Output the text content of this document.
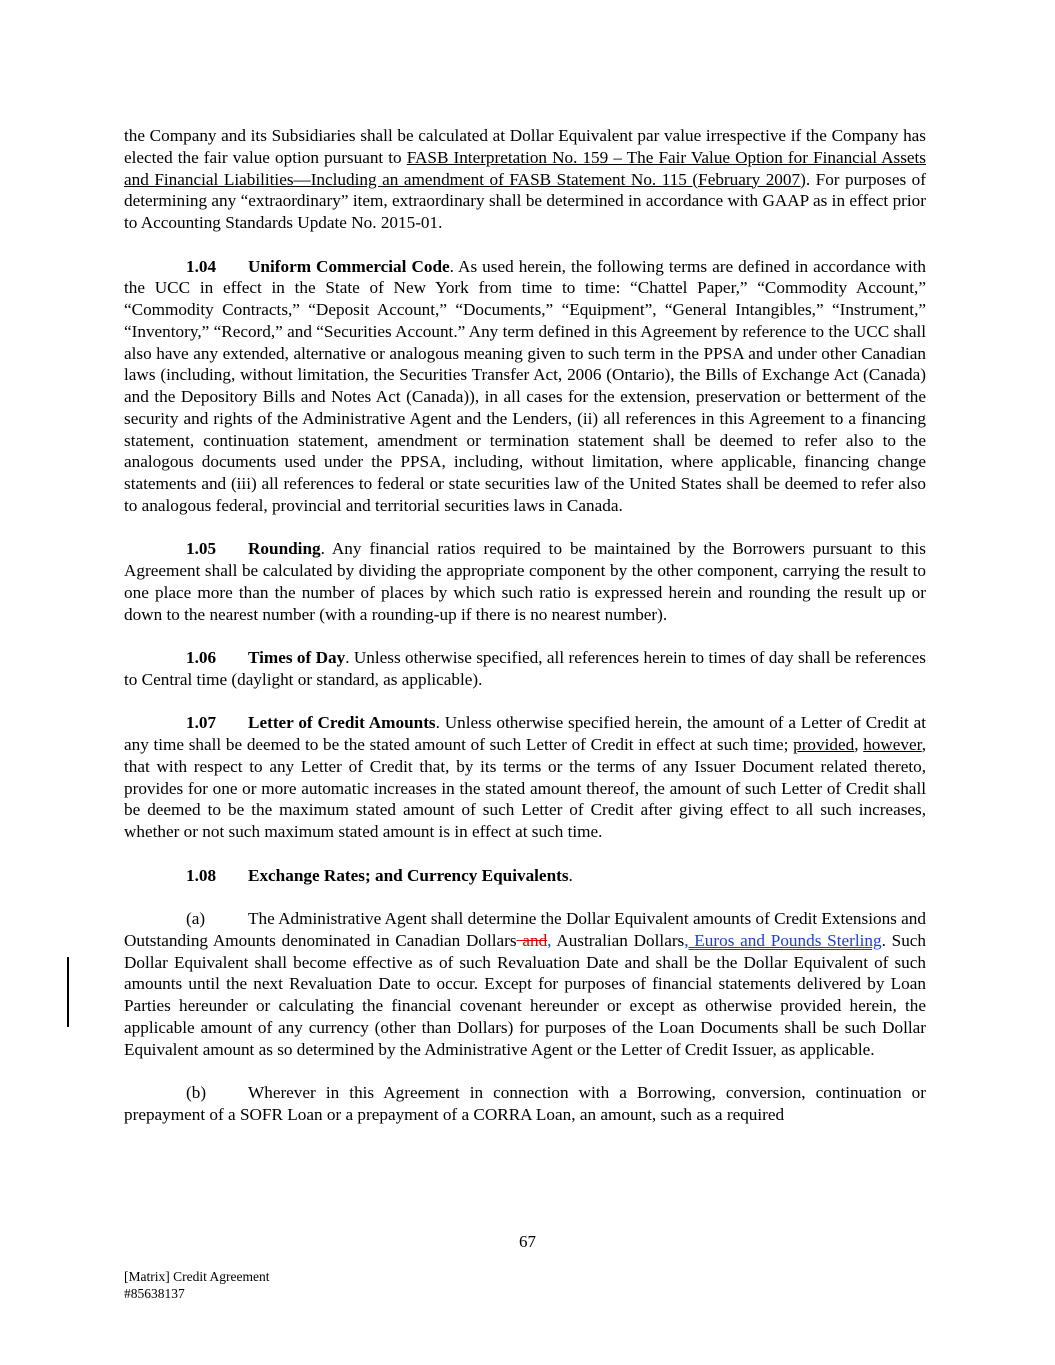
the Company and its Subsidiaries shall be calculated at Dollar Equivalent par value irrespective if the Company has elected the fair value option pursuant to FASB Interpretation No. 159 – The Fair Value Option for Financial Assets and Financial Liabilities—Including an amendment of FASB Statement No. 115 (February 2007). For purposes of determining any “extraordinary” item, extraordinary shall be determined in accordance with GAAP as in effect prior to Accounting Standards Update No. 2015-01.

1.04 Uniform Commercial Code. As used herein, the following terms are defined in accordance with the UCC in effect in the State of New York from time to time: “Chattel Paper,” “Commodity Account,” “Commodity Contracts,” “Deposit Account,” “Documents,” “Equipment”, “General Intangibles,” “Instrument,” “Inventory,” “Record,” and “Securities Account.” Any term defined in this Agreement by reference to the UCC shall also have any extended, alternative or analogous meaning given to such term in the PPSA and under other Canadian laws (including, without limitation, the Securities Transfer Act, 2006 (Ontario), the Bills of Exchange Act (Canada) and the Depository Bills and Notes Act (Canada)), in all cases for the extension, preservation or betterment of the security and rights of the Administrative Agent and the Lenders, (ii) all references in this Agreement to a financing statement, continuation statement, amendment or termination statement shall be deemed to refer also to the analogous documents used under the PPSA, including, without limitation, where applicable, financing change statements and (iii) all references to federal or state securities law of the United States shall be deemed to refer also to analogous federal, provincial and territorial securities laws in Canada.

1.05 Rounding. Any financial ratios required to be maintained by the Borrowers pursuant to this Agreement shall be calculated by dividing the appropriate component by the other component, carrying the result to one place more than the number of places by which such ratio is expressed herein and rounding the result up or down to the nearest number (with a rounding-up if there is no nearest number).

1.06 Times of Day. Unless otherwise specified, all references herein to times of day shall be references to Central time (daylight or standard, as applicable).

1.07 Letter of Credit Amounts. Unless otherwise specified herein, the amount of a Letter of Credit at any time shall be deemed to be the stated amount of such Letter of Credit in effect at such time; provided, however, that with respect to any Letter of Credit that, by its terms or the terms of any Issuer Document related thereto, provides for one or more automatic increases in the stated amount thereof, the amount of such Letter of Credit shall be deemed to be the maximum stated amount of such Letter of Credit after giving effect to all such increases, whether or not such maximum stated amount is in effect at such time.

1.08 Exchange Rates; and Currency Equivalents.

(a) The Administrative Agent shall determine the Dollar Equivalent amounts of Credit Extensions and Outstanding Amounts denominated in Canadian Dollars and, Australian Dollars, Euros and Pounds Sterling. Such Dollar Equivalent shall become effective as of such Revaluation Date and shall be the Dollar Equivalent of such amounts until the next Revaluation Date to occur. Except for purposes of financial statements delivered by Loan Parties hereunder or calculating the financial covenant hereunder or except as otherwise provided herein, the applicable amount of any currency (other than Dollars) for purposes of the Loan Documents shall be such Dollar Equivalent amount as so determined by the Administrative Agent or the Letter of Credit Issuer, as applicable.

(b) Wherever in this Agreement in connection with a Borrowing, conversion, continuation or prepayment of a SOFR Loan or a prepayment of a CORRA Loan, an amount, such as a required

67
[Matrix] Credit Agreement
#85638137
